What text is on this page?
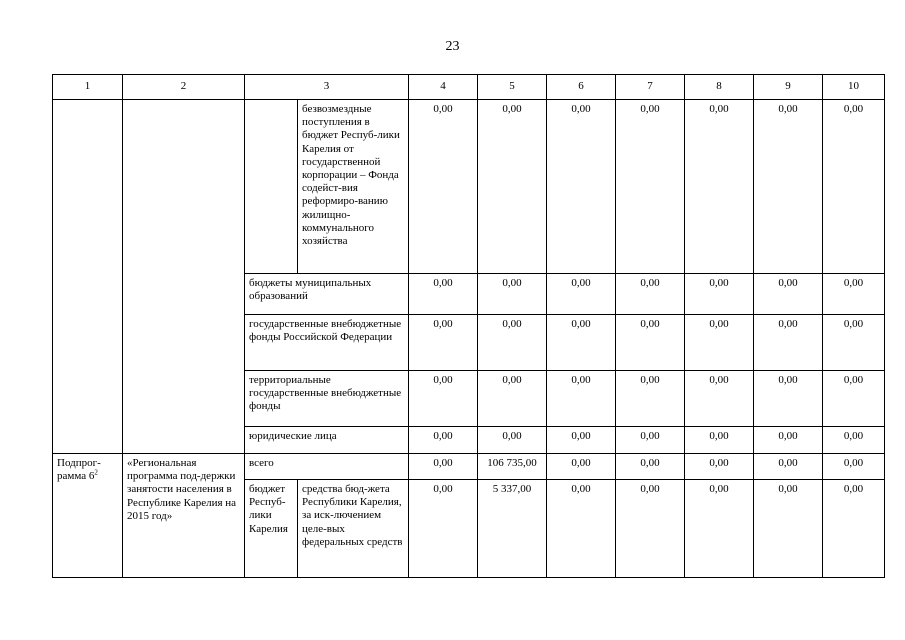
23
1	2	3		4	5	6	7	8	9	10
			безвозмездные поступления в бюджет Респуб-лики Карелия от государственной корпорации – Фонда содейст-вия реформиро-ванию жилищно-коммунального хозяйства	0,00	0,00	0,00	0,00	0,00	0,00	0,00
		бюджеты муниципальных образований		0,00	0,00	0,00	0,00	0,00	0,00	0,00
		государственные внебюджетные фонды Российской Федерации		0,00	0,00	0,00	0,00	0,00	0,00	0,00
		территориальные государственные внебюджетные фонды		0,00	0,00	0,00	0,00	0,00	0,00	0,00
		юридические лица		0,00	0,00	0,00	0,00	0,00	0,00	0,00
Подпрог-рамма $6^2$	«Региональная программа под-держки занятости населения в Республике Карелия на 2015 год»	всего		0,00	106 735,00	0,00	0,00	0,00	0,00	0,00
		бюджет Респуб-лики Карелия	средства бюд-жета Республики Карелия, за иск-лючением целе-вых федеральных средств	0,00	5 337,00	0,00	0,00	0,00	0,00	0,00
